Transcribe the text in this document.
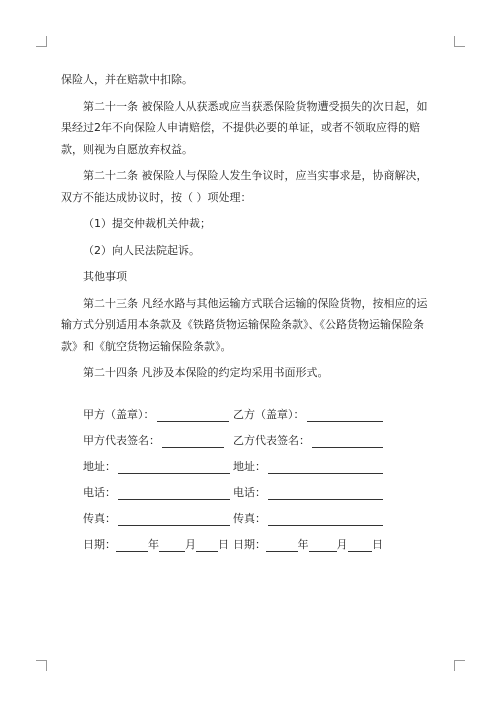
保险人，并在赔款中扣除。

第二十一条 被保险人从获悉或应当获悉保险货物遭受损失的次日起，如果经过2年不向保险人申请赔偿，不提供必要的单证，或者不领取应得的赔款，则视为自愿放弃权益。

第二十二条 被保险人与保险人发生争议时，应当实事求是，协商解决，双方不能达成协议时，按（ ）项处理：

（1）提交仲裁机关仲裁；

（2）向人民法院起诉。

其他事项

第二十三条 凡经水路与其他运输方式联合运输的保险货物，按相应的运输方式分别适用本条款及《铁路货物运输保险条款》、《公路货物运输保险条款》和《航空货物运输保险条款》。

第二十四条 凡涉及本保险的约定均采用书面形式。

甲方（盖章）：	乙方（盖章）：
甲方代表签名：	乙方代表签名：
地址：	地址：
电话：	电话：
传真：	传真：
日期：	年 月 日 日期：	年	月 日
